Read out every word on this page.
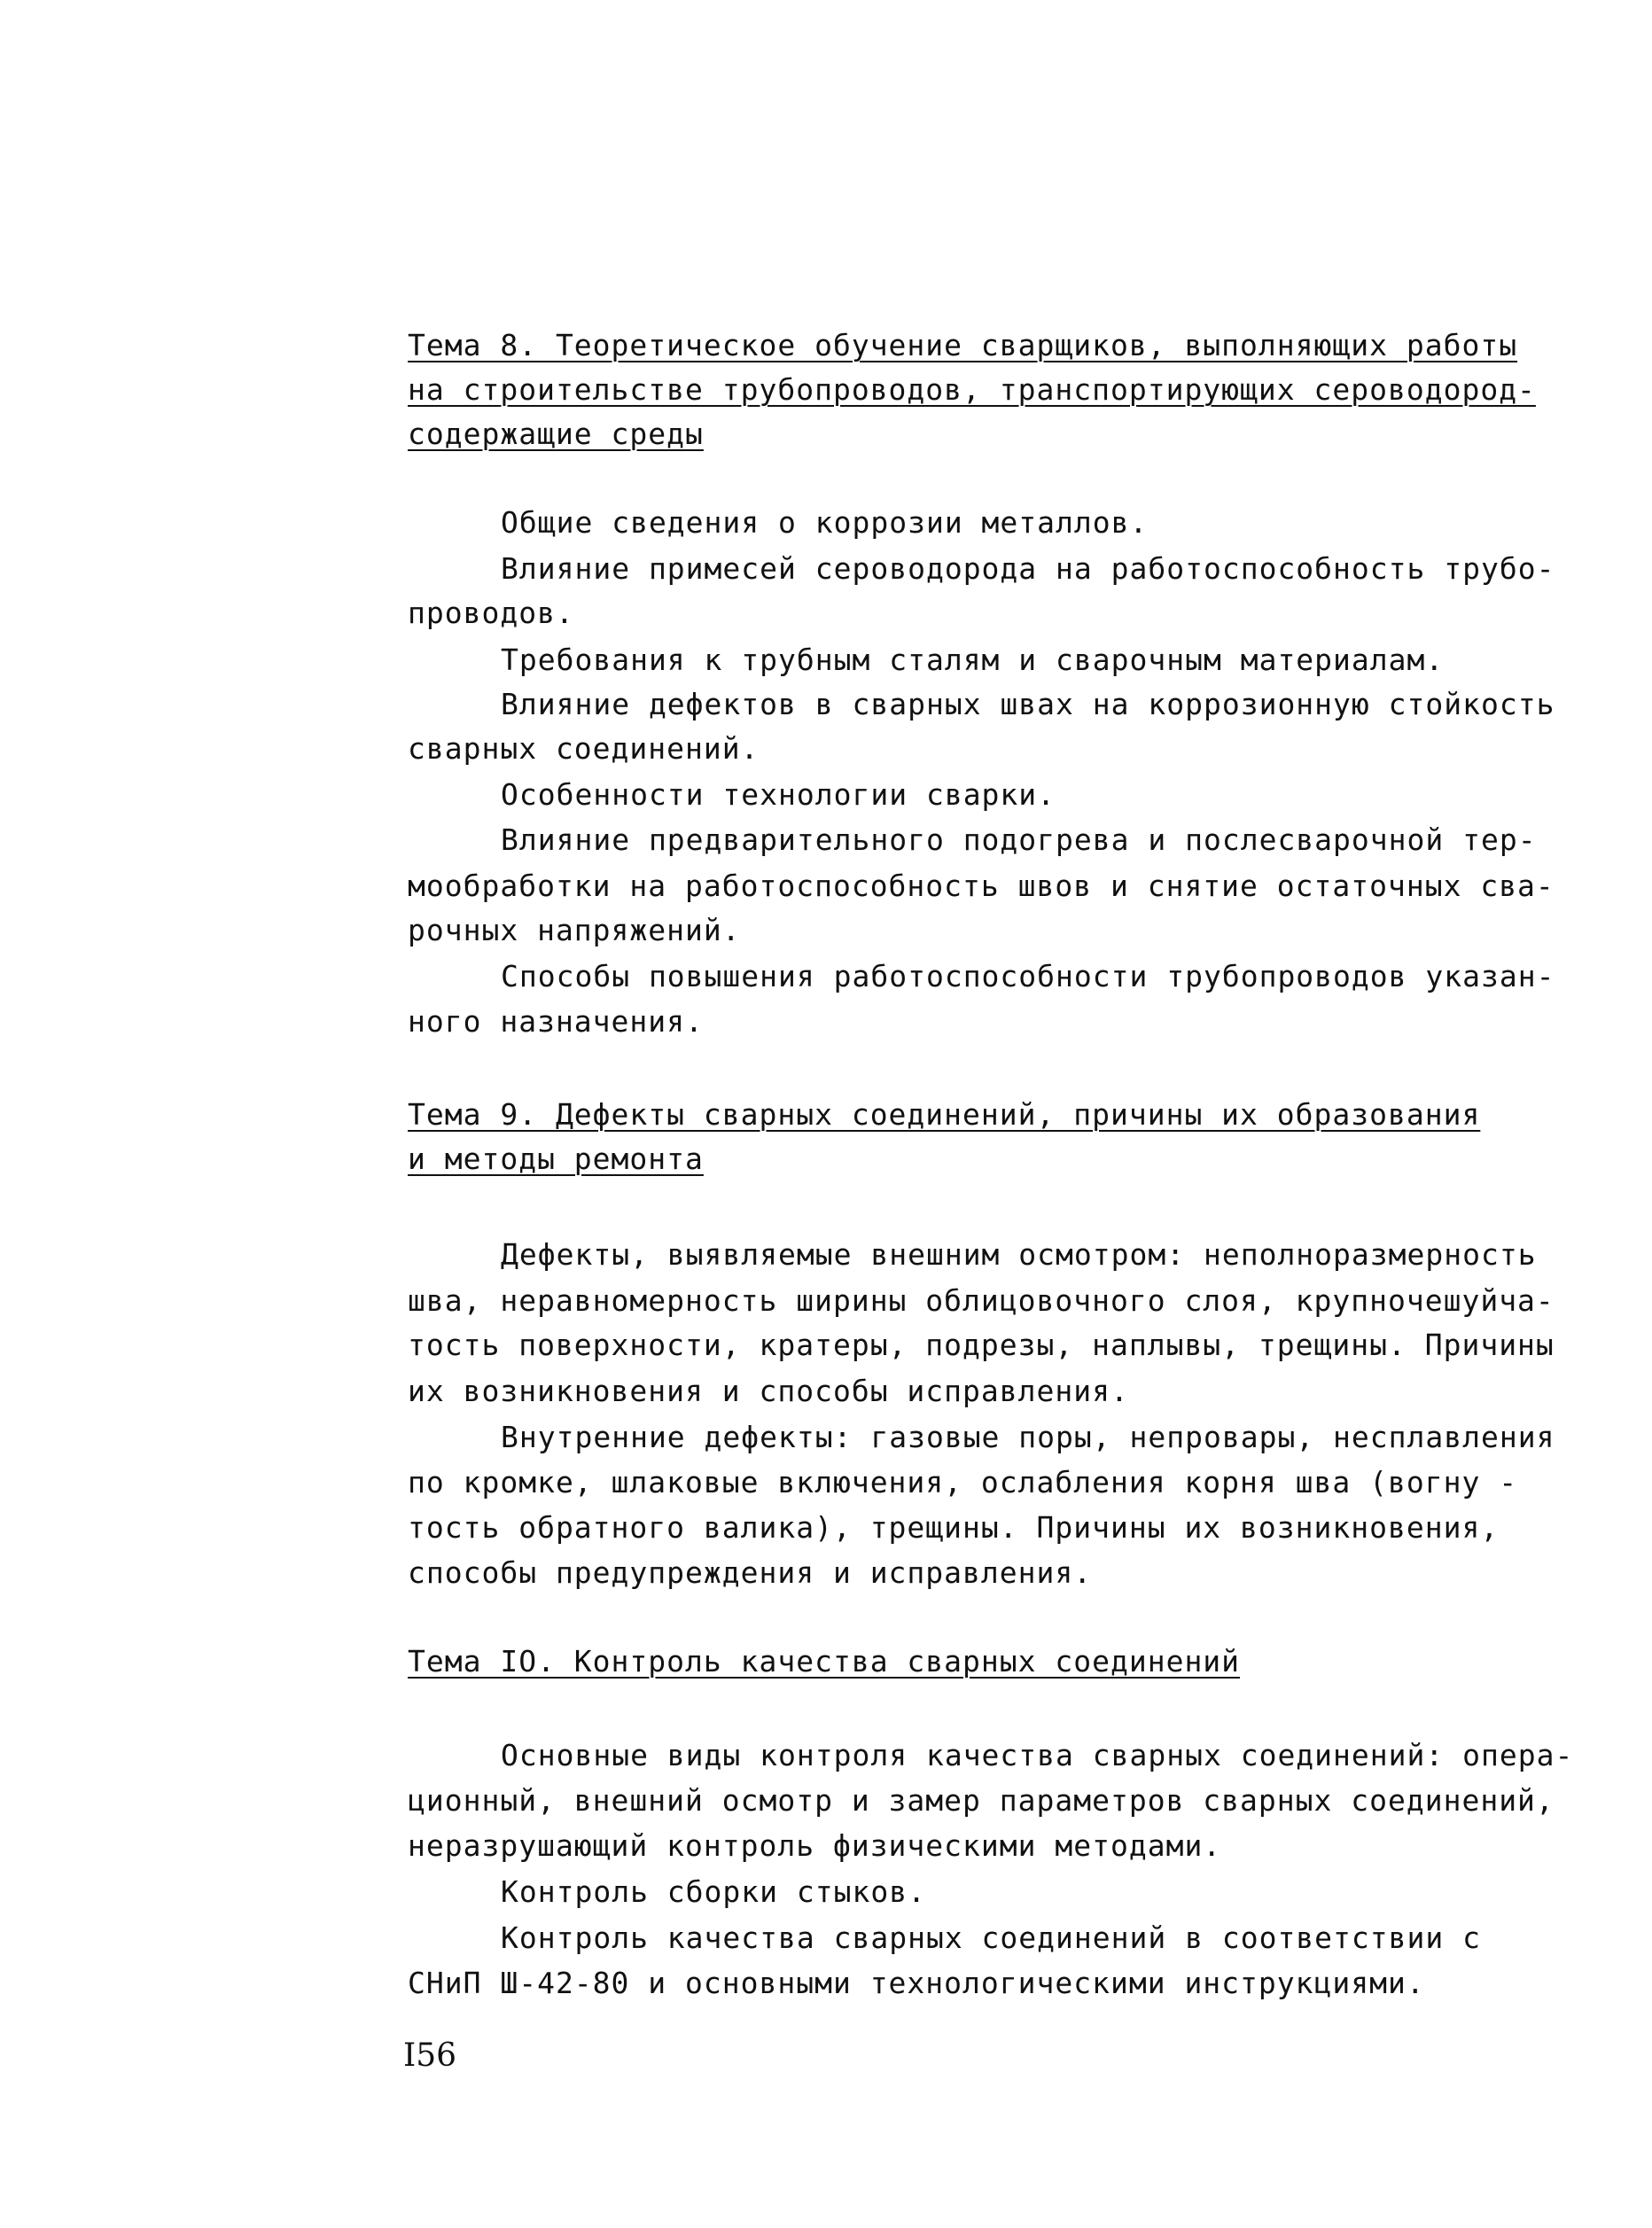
Тема 8. Теоретическое обучение сварщиков, выполняющих работы
на строительстве трубопроводов, транспортирующих сероводород-
содержащие среды
Общие сведения о коррозии металлов.
Влияние примесей сероводорода на работоспособность трубо-
проводов.
Требования к трубным сталям и сварочным материалам.
Влияние дефектов в сварных швах на коррозионную стойкость
сварных соединений.
Особенности технологии сварки.
Влияние предварительного подогрева и послесварочной тер-
мообработки на работоспособность швов и снятие остаточных сва-
рочных напряжений.
Способы повышения работоспособности трубопроводов указан-
ного назначения.
Тема 9. Дефекты сварных соединений, причины их образования
и методы ремонта
Дефекты, выявляемые внешним осмотром: неполноразмерность
шва, неравномерность ширины облицовочного слоя, крупночешуйча-
тость поверхности, кратеры, подрезы, наплывы, трещины. Причины
их возникновения и способы исправления.
Внутренние дефекты: газовые поры, непровары, несплавления
по кромке, шлаковые включения, ослабления корня шва (вогну -
тость обратного валика), трещины. Причины их возникновения,
способы предупреждения и исправления.
Тема IO. Контроль качества сварных соединений
Основные виды контроля качества сварных соединений: опера-
ционный, внешний осмотр и замер параметров сварных соединений,
неразрушающий контроль физическими методами.
Контроль сборки стыков.
Контроль качества сварных соединений в соответствии с
СНиП Ш-42-80 и основными технологическими инструкциями.
I56
